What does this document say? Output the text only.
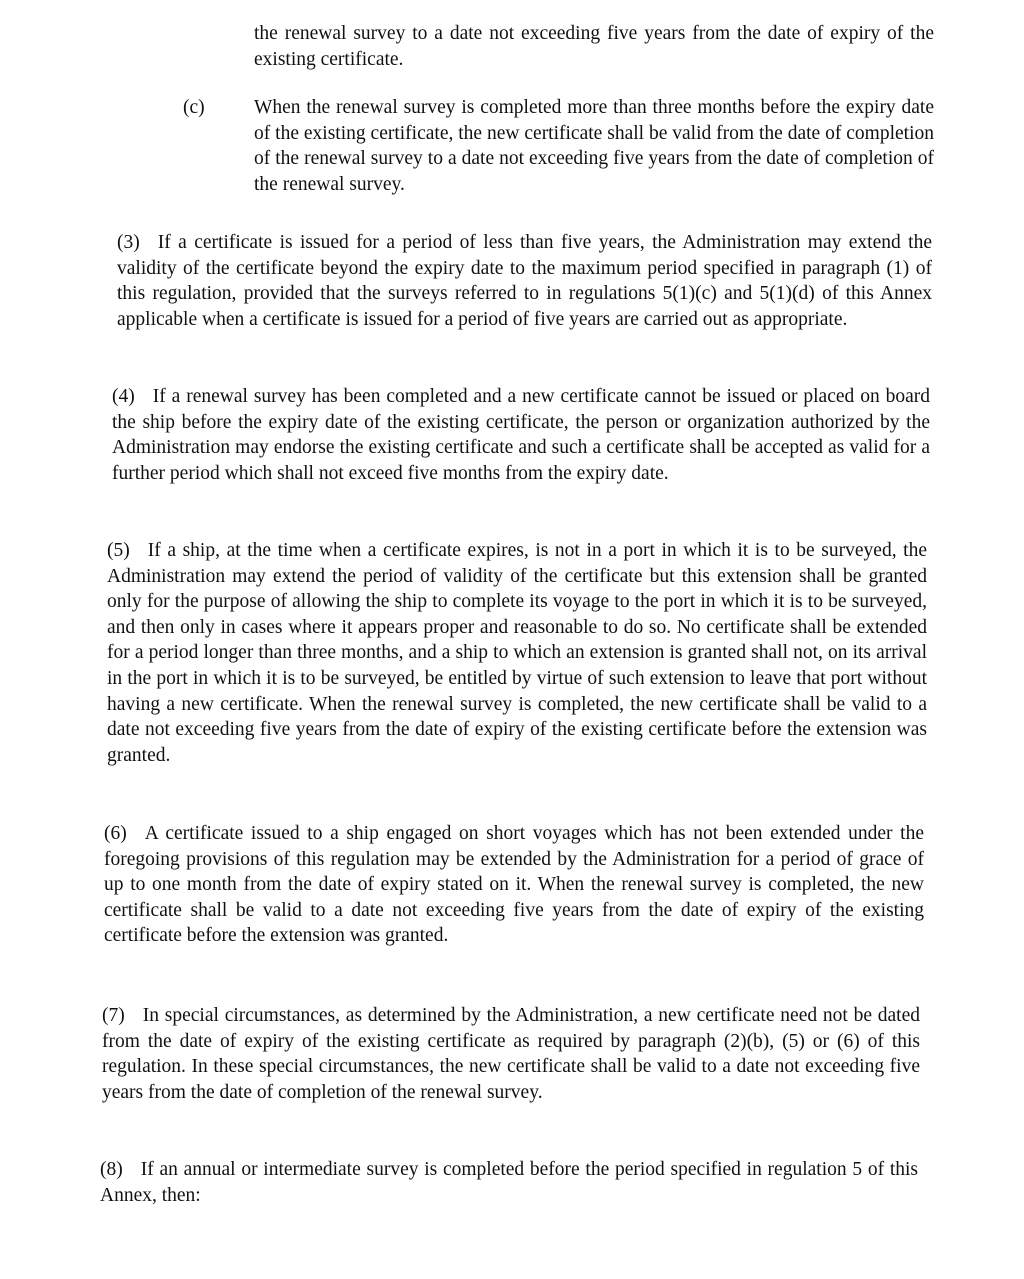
the renewal survey to a date not exceeding five years from the date of expiry of the existing certificate.

(c)	When the renewal survey is completed more than three months before the expiry date of the existing certificate, the new certificate shall be valid from the date of completion of the renewal survey to a date not exceeding five years from the date of completion of the renewal survey.

(3) If a certificate is issued for a period of less than five years, the Administration may extend the validity of the certificate beyond the expiry date to the maximum period specified in paragraph (1) of this regulation, provided that the surveys referred to in regulations 5(1)(c) and 5(1)(d) of this Annex applicable when a certificate is issued for a period of five years are carried out as appropriate.

(4) If a renewal survey has been completed and a new certificate cannot be issued or placed on board the ship before the expiry date of the existing certificate, the person or organization authorized by the Administration may endorse the existing certificate and such a certificate shall be accepted as valid for a further period which shall not exceed five months from the expiry date.

(5) If a ship, at the time when a certificate expires, is not in a port in which it is to be surveyed, the Administration may extend the period of validity of the certificate but this extension shall be granted only for the purpose of allowing the ship to complete its voyage to the port in which it is to be surveyed, and then only in cases where it appears proper and reasonable to do so. No certificate shall be extended for a period longer than three months, and a ship to which an extension is granted shall not, on its arrival in the port in which it is to be surveyed, be entitled by virtue of such extension to leave that port without having a new certificate. When the renewal survey is completed, the new certificate shall be valid to a date not exceeding five years from the date of expiry of the existing certificate before the extension was granted.

(6) A certificate issued to a ship engaged on short voyages which has not been extended under the foregoing provisions of this regulation may be extended by the Administration for a period of grace of up to one month from the date of expiry stated on it. When the renewal survey is completed, the new certificate shall be valid to a date not exceeding five years from the date of expiry of the existing certificate before the extension was granted.

(7) In special circumstances, as determined by the Administration, a new certificate need not be dated from the date of expiry of the existing certificate as required by paragraph (2)(b), (5) or (6) of this regulation. In these special circumstances, the new certificate shall be valid to a date not exceeding five years from the date of completion of the renewal survey.

(8) If an annual or intermediate survey is completed before the period specified in regulation 5 of this Annex, then:
